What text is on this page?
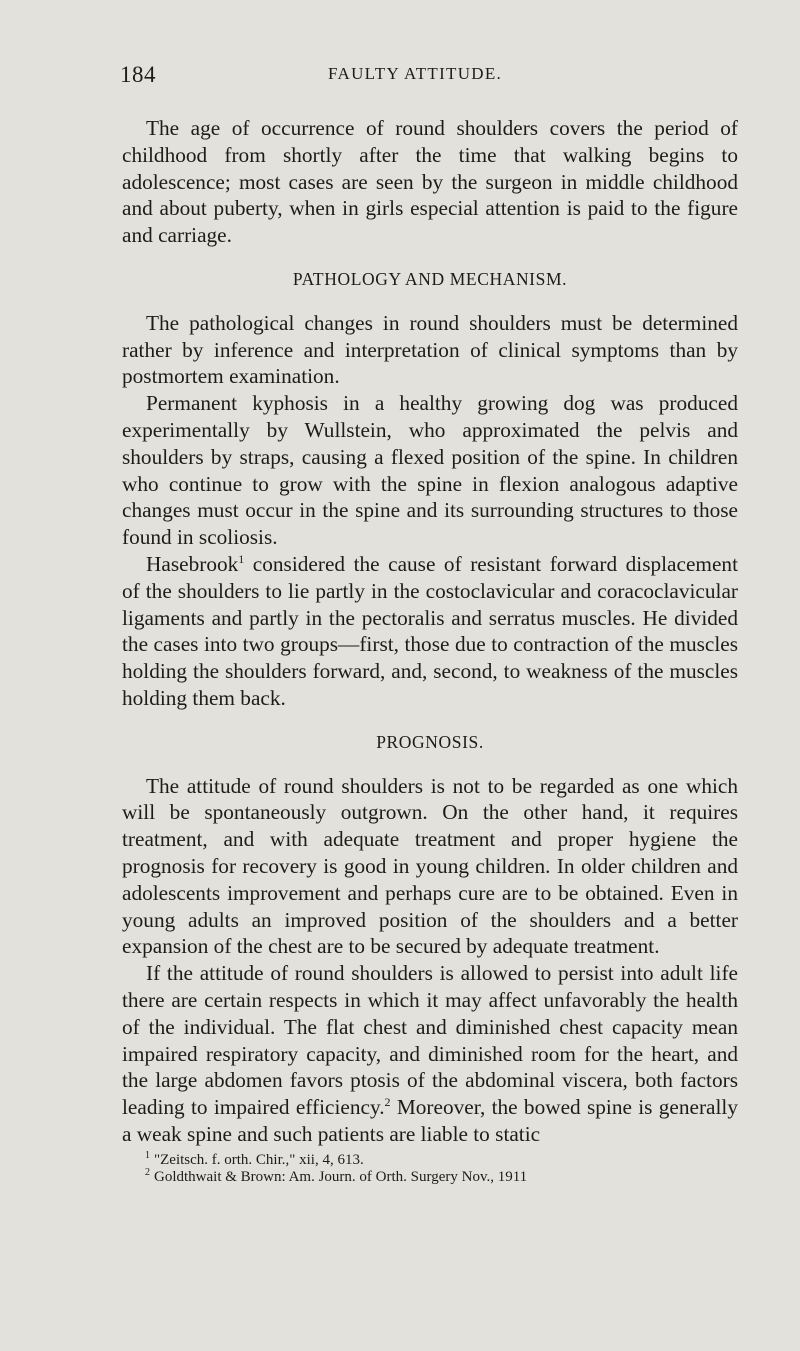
184	FAULTY ATTITUDE.

The age of occurrence of round shoulders covers the period of childhood from shortly after the time that walking begins to adolescence; most cases are seen by the surgeon in middle childhood and about puberty, when in girls especial attention is paid to the figure and carriage.

PATHOLOGY AND MECHANISM.

The pathological changes in round shoulders must be determined rather by inference and interpretation of clinical symptoms than by postmortem examination.

Permanent kyphosis in a healthy growing dog was produced experimentally by Wullstein, who approximated the pelvis and shoulders by straps, causing a flexed position of the spine. In children who continue to grow with the spine in flexion analogous adaptive changes must occur in the spine and its surrounding structures to those found in scoliosis.

Hasebrook$^1$ considered the cause of resistant forward displacement of the shoulders to lie partly in the costoclavicular and coracoclavicular ligaments and partly in the pectoralis and serratus muscles. He divided the cases into two groups—first, those due to contraction of the muscles holding the shoulders forward, and, second, to weakness of the muscles holding them back.

PROGNOSIS.

The attitude of round shoulders is not to be regarded as one which will be spontaneously outgrown. On the other hand, it requires treatment, and with adequate treatment and proper hygiene the prognosis for recovery is good in young children. In older children and adolescents improvement and perhaps cure are to be obtained. Even in young adults an improved position of the shoulders and a better expansion of the chest are to be secured by adequate treatment.

If the attitude of round shoulders is allowed to persist into adult life there are certain respects in which it may affect unfavorably the health of the individual. The flat chest and diminished chest capacity mean impaired respiratory capacity, and diminished room for the heart, and the large abdomen favors ptosis of the abdominal viscera, both factors leading to impaired efficiency.$^2$ Moreover, the bowed spine is generally a weak spine and such patients are liable to static

$^1$ "Zeitsch. f. orth. Chir.," xii, 4, 613.
$^2$ Goldthwait & Brown: Am. Journ. of Orth. Surgery Nov., 1911
